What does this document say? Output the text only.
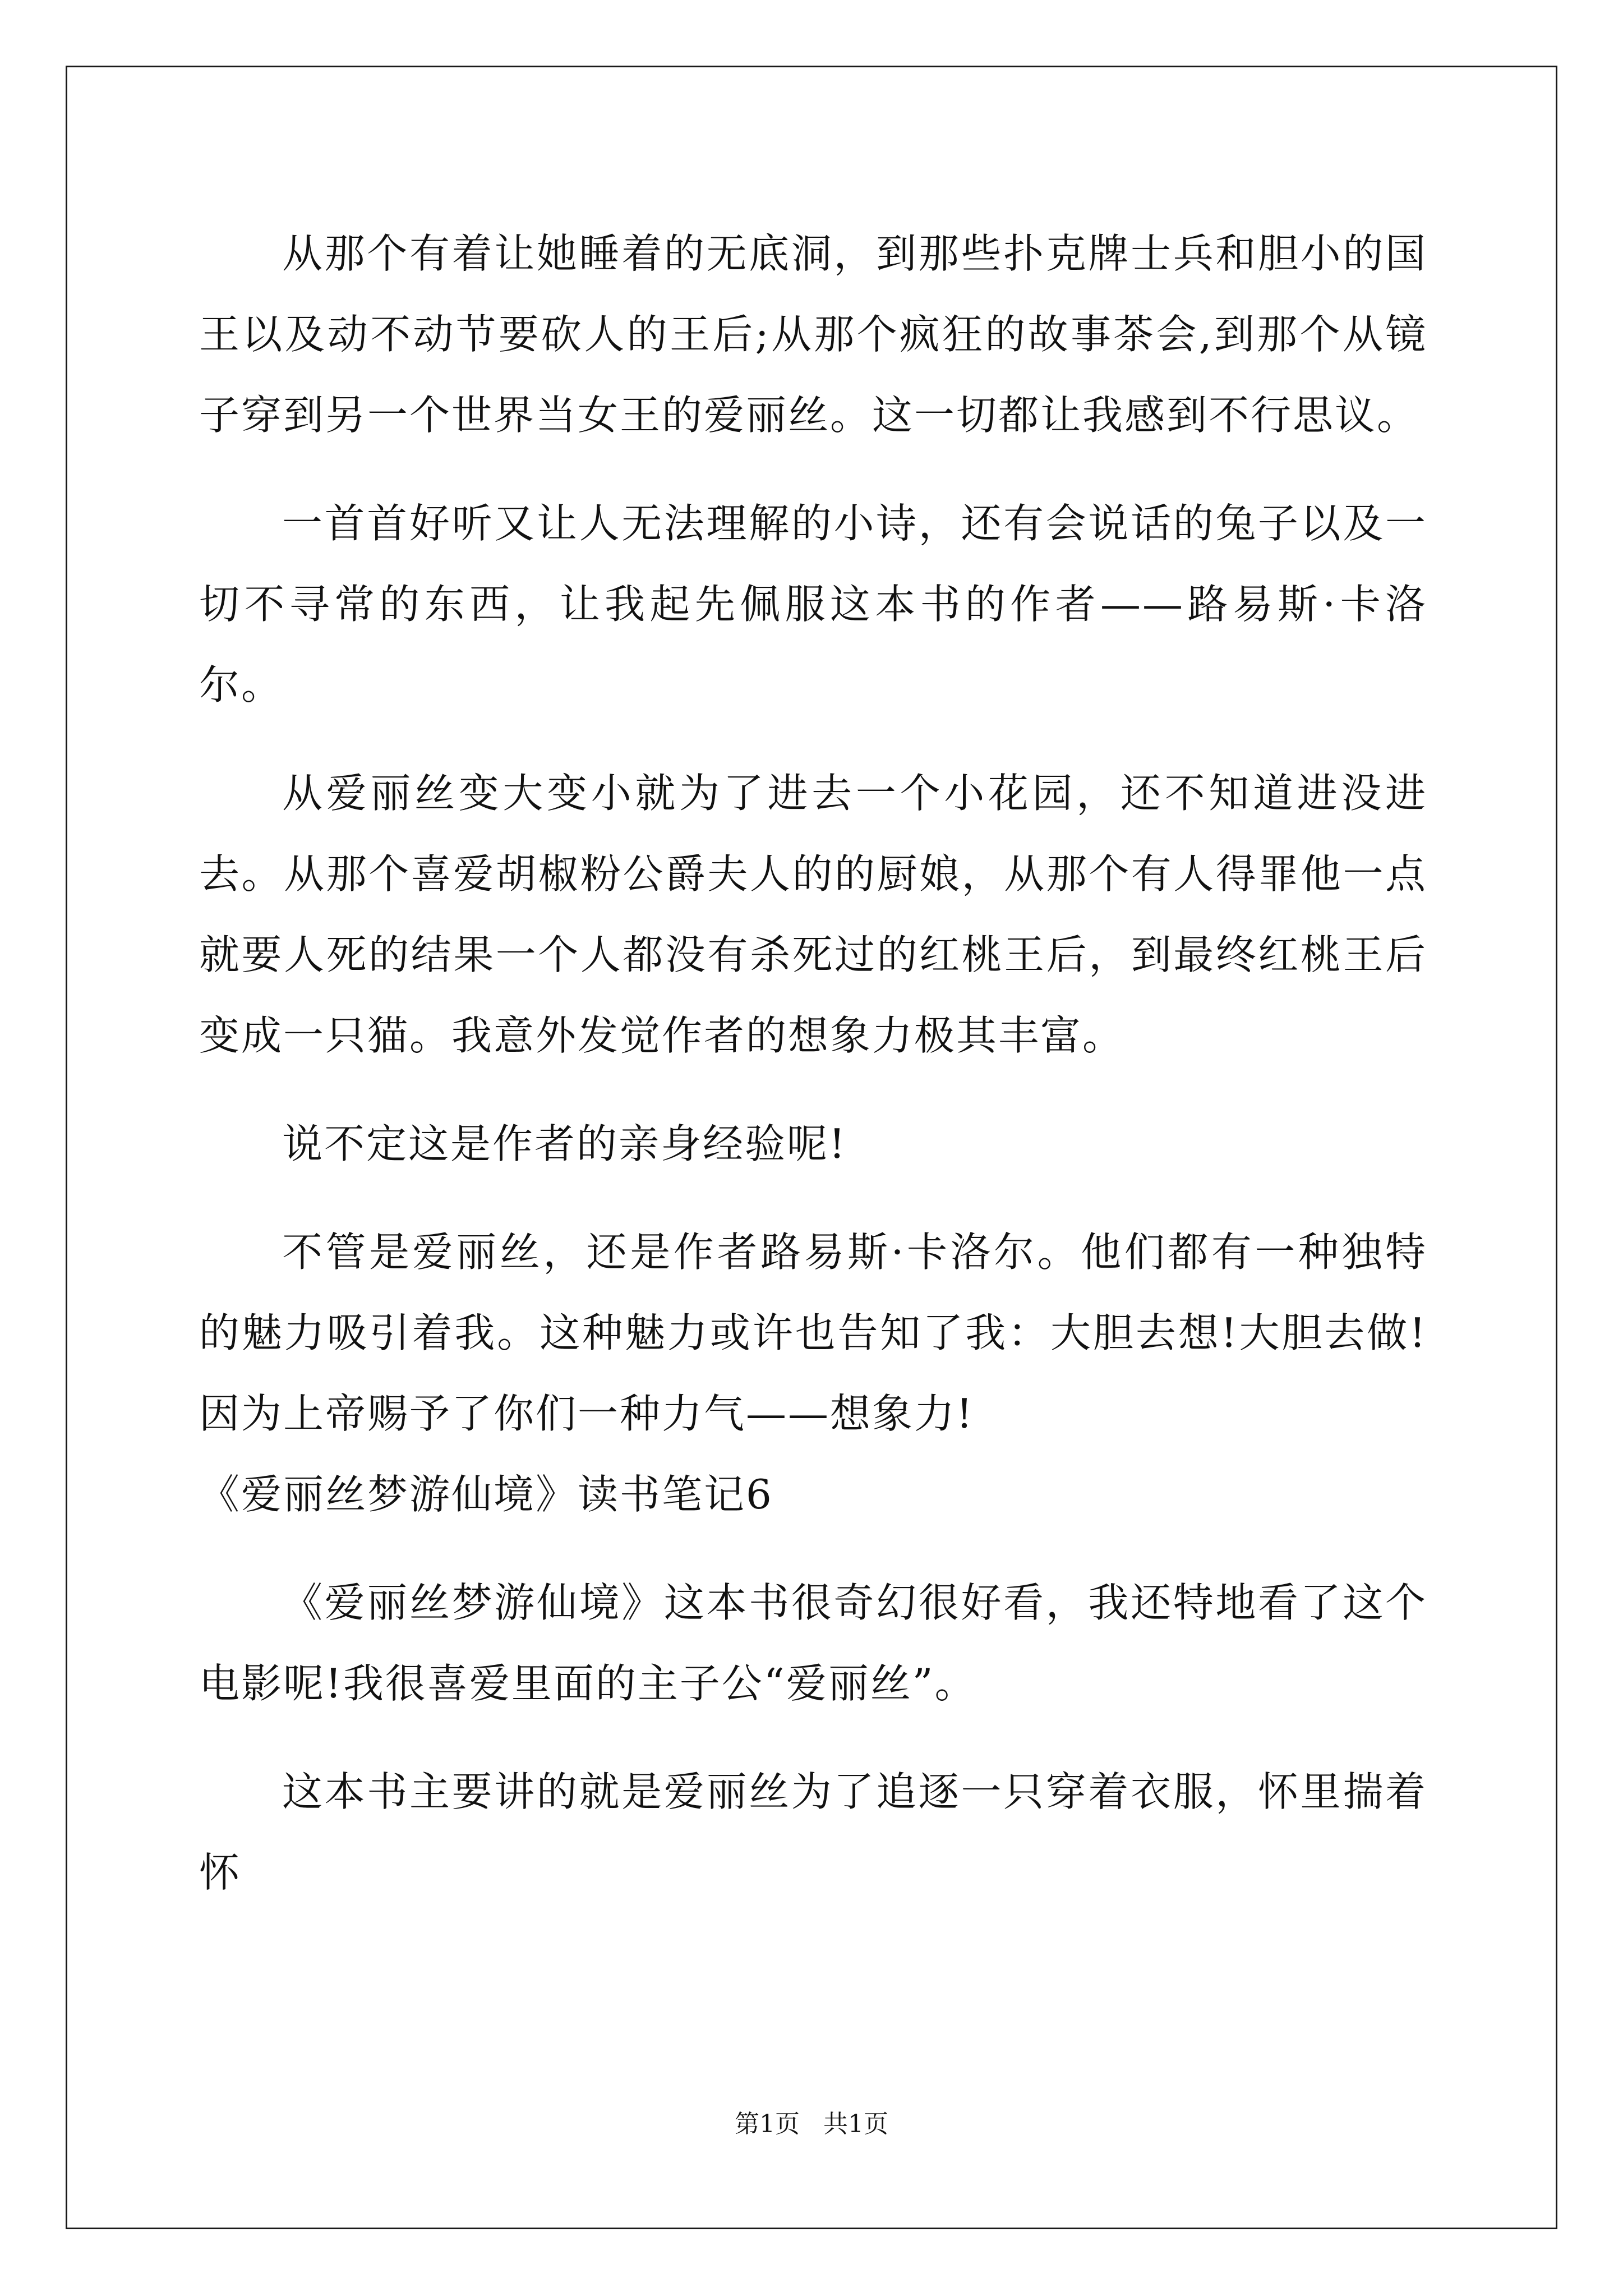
从那个有着让她睡着的无底洞，到那些扑克牌士兵和胆小的国王以及动不动节要砍人的王后;从那个疯狂的故事茶会,到那个从镜子穿到另一个世界当女王的爱丽丝。这一切都让我感到不行思议。

一首首好听又让人无法理解的小诗，还有会说话的兔子以及一切不寻常的东西，让我起先佩服这本书的作者——路易斯·卡洛尔。

从爱丽丝变大变小就为了进去一个小花园，还不知道进没进去。从那个喜爱胡椒粉公爵夫人的的厨娘，从那个有人得罪他一点就要人死的结果一个人都没有杀死过的红桃王后，到最终红桃王后变成一只猫。我意外发觉作者的想象力极其丰富。

说不定这是作者的亲身经验呢!

不管是爱丽丝，还是作者路易斯·卡洛尔。他们都有一种独特的魅力吸引着我。这种魅力或许也告知了我：大胆去想!大胆去做!因为上帝赐予了你们一种力气——想象力!

《爱丽丝梦游仙境》读书笔记6

《爱丽丝梦游仙境》这本书很奇幻很好看，我还特地看了这个电影呢!我很喜爱里面的主子公“爱丽丝”。

这本书主要讲的就是爱丽丝为了追逐一只穿着衣服，怀里揣着怀

第1页   共1页
